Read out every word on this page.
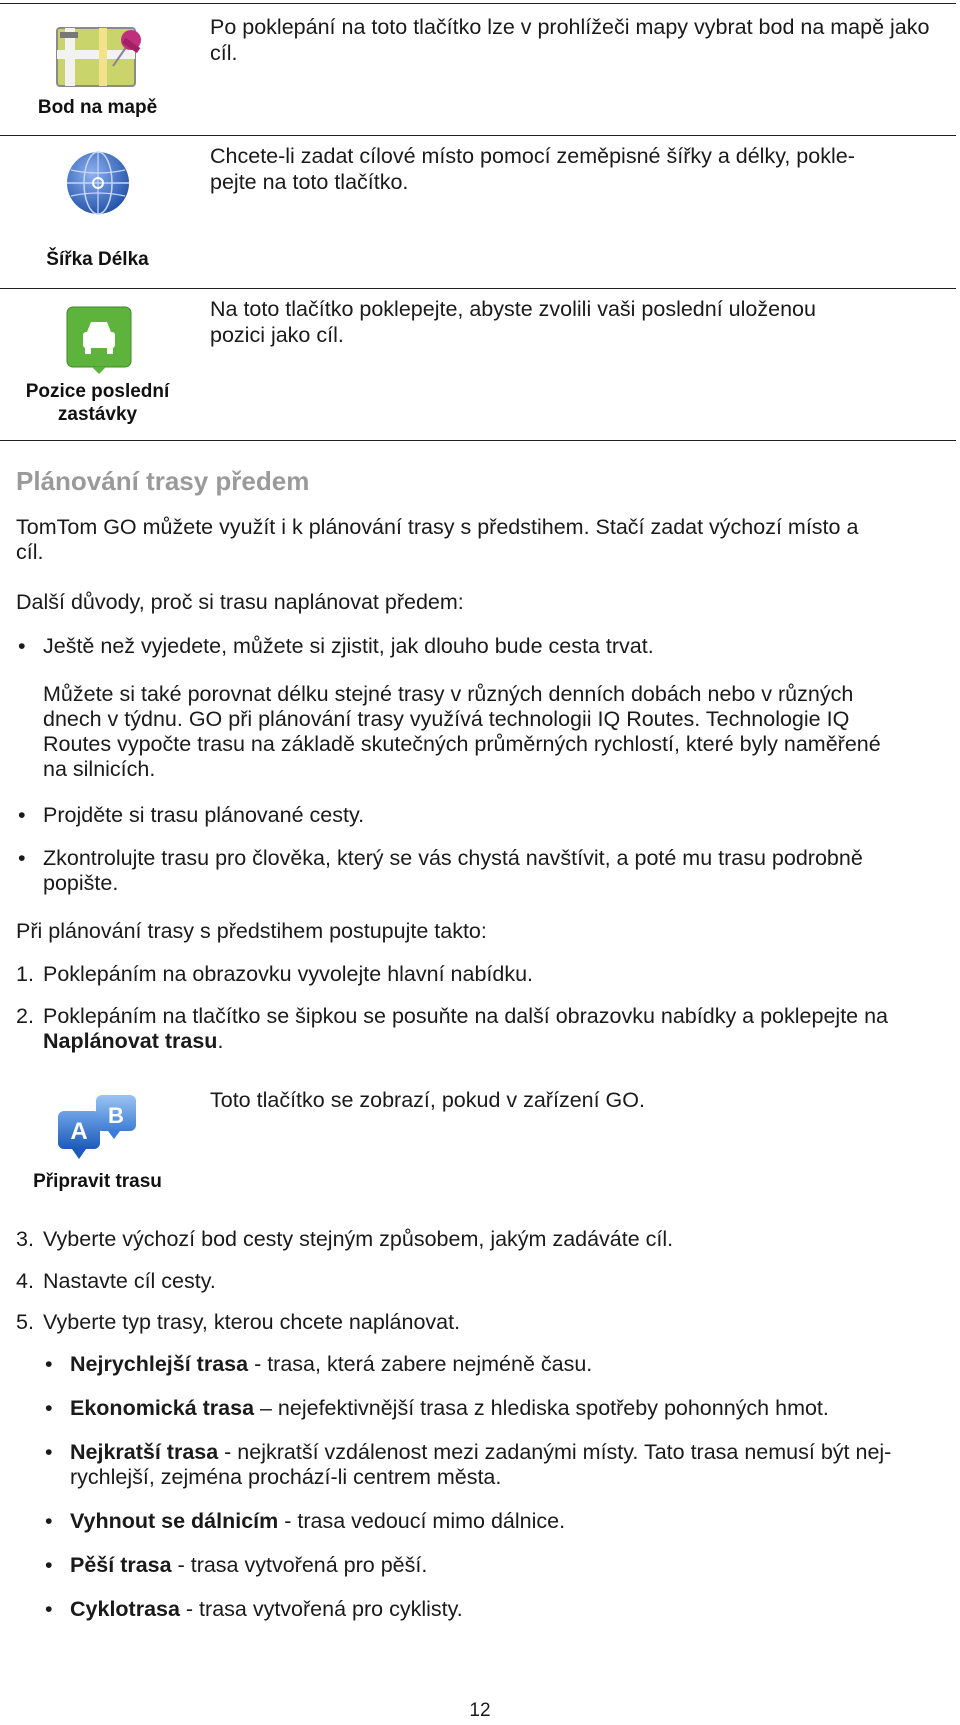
Bod na mapě
Po poklepání na toto tlačítko lze v prohlížeči mapy vybrat bod na mapě jako cíl.
Šířka Délka
Chcete-li zadat cílové místo pomocí zeměpisné šířky a délky, pokle-
pejte na toto tlačítko.
Pozice poslední
zastávky
Na toto tlačítko poklepejte, abyste zvolili vaši poslední uloženou
pozici jako cíl.
Plánování trasy předem
TomTom GO můžete využít i k plánování trasy s předstihem. Stačí zadat výchozí místo a
cíl.
Další důvody, proč si trasu naplánovat předem:
• Ještě než vyjedete, můžete si zjistit, jak dlouho bude cesta trvat.
Můžete si také porovnat délku stejné trasy v různých denních dobách nebo v různých
dnech v týdnu. GO při plánování trasy využívá technologii IQ Routes. Technologie IQ
Routes vypočte trasu na základě skutečných průměrných rychlostí, které byly naměřené
na silnicích.
• Projděte si trasu plánované cesty.
• Zkontrolujte trasu pro člověka, který se vás chystá navštívit, a poté mu trasu podrobně
popište.
Při plánování trasy s předstihem postupujte takto:
1. Poklepáním na obrazovku vyvolejte hlavní nabídku.
2. Poklepáním na tlačítko se šipkou se posuňte na další obrazovku nabídky a poklepejte na
Naplánovat trasu.
A
B
Připravit trasu
Toto tlačítko se zobrazí, pokud v zařízení GO.
3. Vyberte výchozí bod cesty stejným způsobem, jakým zadáváte cíl.
4. Nastavte cíl cesty.
5. Vyberte typ trasy, kterou chcete naplánovat.
• Nejrychlejší trasa - trasa, která zabere nejméně času.
• Ekonomická trasa – nejefektivnější trasa z hlediska spotřeby pohonných hmot.
• Nejkratší trasa - nejkratší vzdálenost mezi zadanými místy. Tato trasa nemusí být nej-
rychlejší, zejména prochází-li centrem města.
• Vyhnout se dálnicím - trasa vedoucí mimo dálnice.
• Pěší trasa - trasa vytvořená pro pěší.
• Cyklotrasa - trasa vytvořená pro cyklisty.
12
